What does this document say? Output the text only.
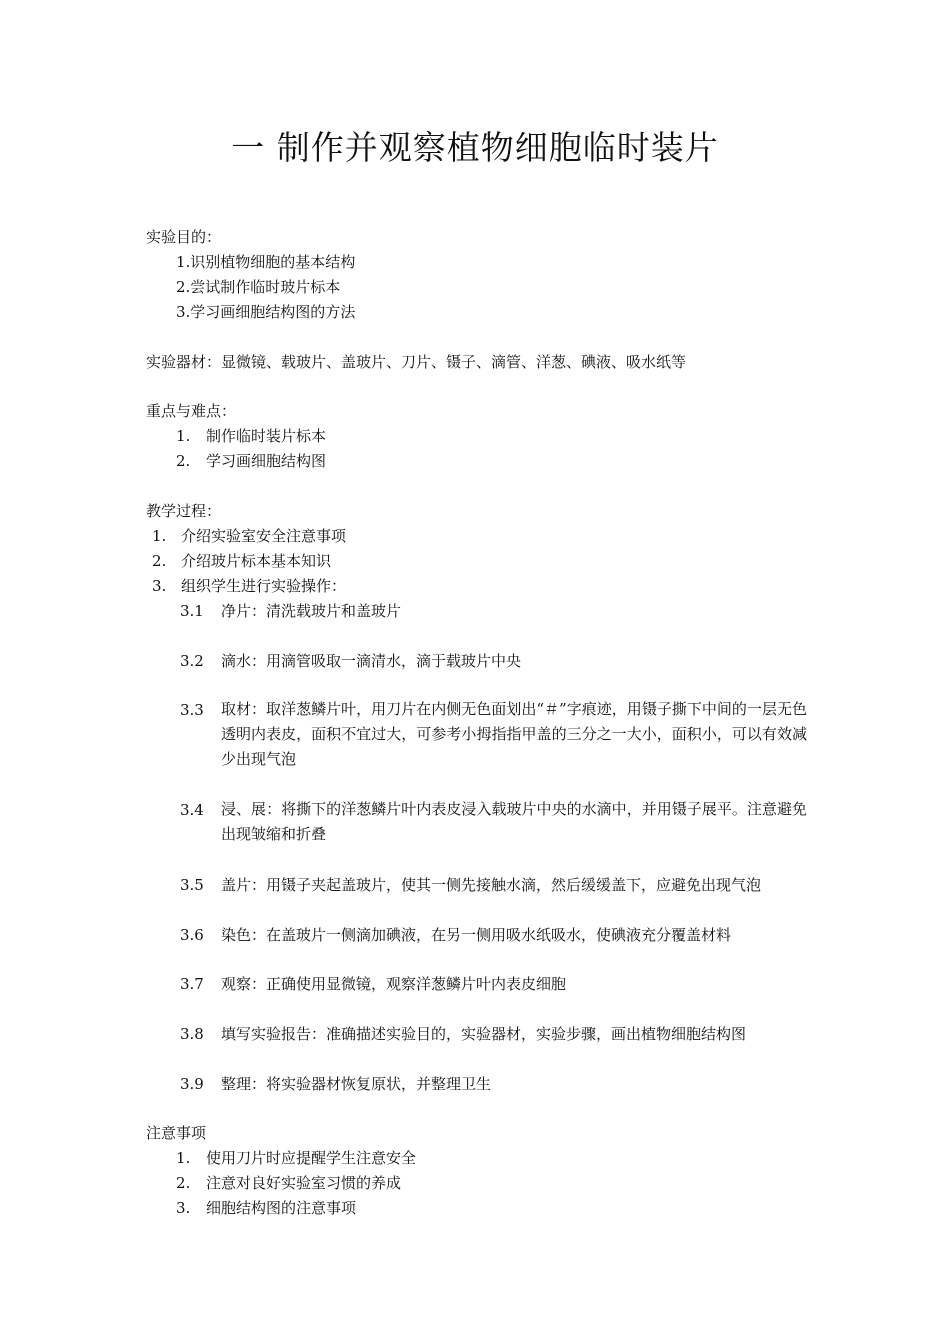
一 制作并观察植物细胞临时装片
实验目的：
1.识别植物细胞的基本结构
2.尝试制作临时玻片标本
3.学习画细胞结构图的方法
实验器材：显微镜、载玻片、盖玻片、刀片、镊子、滴管、洋葱、碘液、吸水纸等
重点与难点：
1. 制作临时装片标本
2. 学习画细胞结构图
教学过程：
1. 介绍实验室安全注意事项
2. 介绍玻片标本基本知识
3. 组织学生进行实验操作：
3.1 净片：清洗载玻片和盖玻片
3.2 滴水：用滴管吸取一滴清水，滴于载玻片中央
3.3 取材：取洋葱鳞片叶，用刀片在内侧无色面划出“＃”字痕迹，用镊子撕下中间的一层无色透明内表皮，面积不宜过大，可参考小拇指指甲盖的三分之一大小，面积小，可以有效减少出现气泡
3.4 浸、展：将撕下的洋葱鳞片叶内表皮浸入载玻片中央的水滴中，并用镊子展平。注意避免出现皱缩和折叠
3.5 盖片：用镊子夹起盖玻片，使其一侧先接触水滴，然后缓缓盖下，应避免出现气泡
3.6 染色：在盖玻片一侧滴加碘液，在另一侧用吸水纸吸水，使碘液充分覆盖材料
3.7 观察：正确使用显微镜，观察洋葱鳞片叶内表皮细胞
3.8 填写实验报告：准确描述实验目的，实验器材，实验步骤，画出植物细胞结构图
3.9 整理：将实验器材恢复原状，并整理卫生
注意事项
1. 使用刀片时应提醒学生注意安全
2. 注意对良好实验室习惯的养成
3. 细胞结构图的注意事项
